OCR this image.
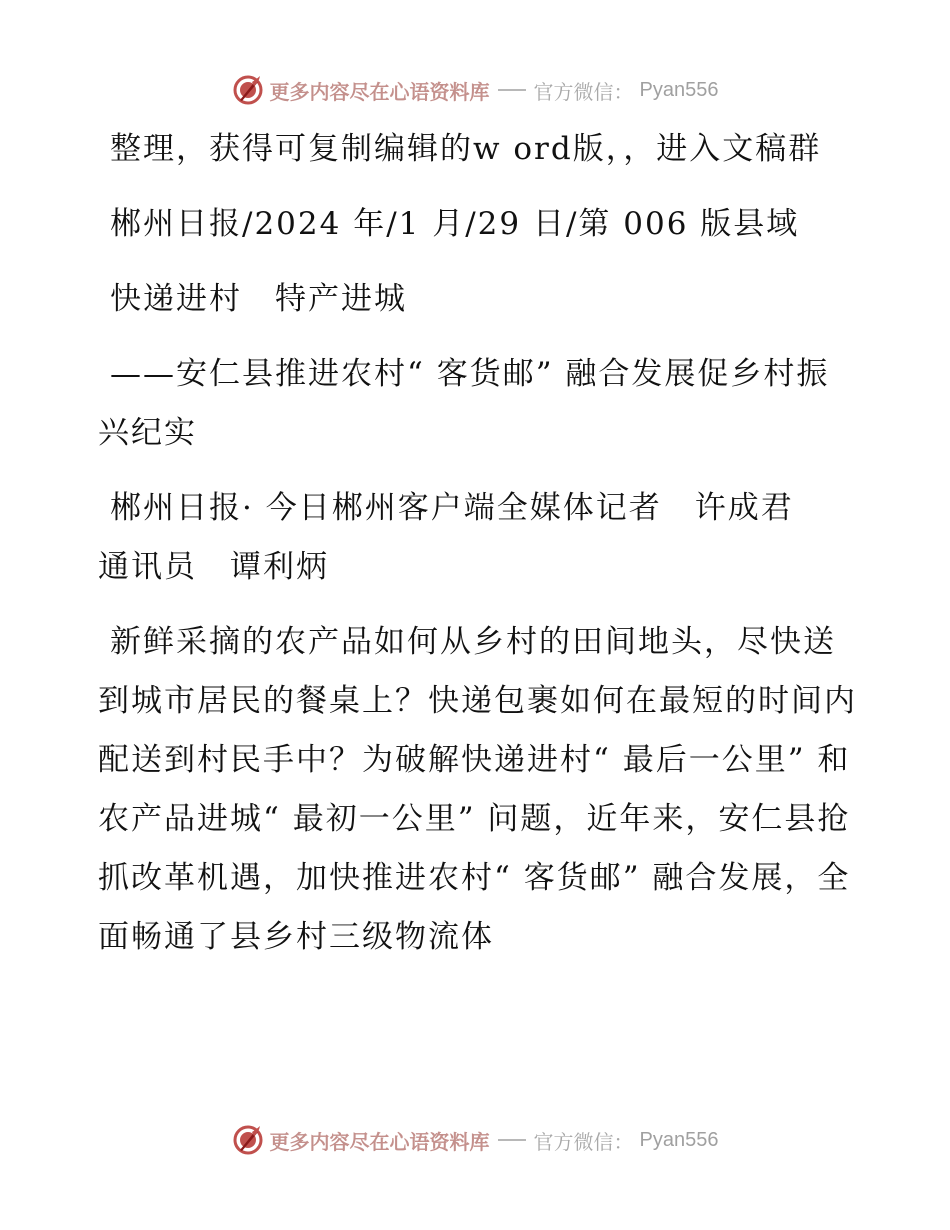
更多内容尽在心语资料库 官方微信： Pyan556

整理，获得可复制编辑的w ord版，，进入文稿群

郴州日报/2024 年/1 月/29 日/第 006 版县域

快递进村　特产进城

——安仁县推进农村“ 客货邮” 融合发展促乡村振兴纪实

郴州日报· 今日郴州客户端全媒体记者　许成君　通讯员　谭利炳

新鲜采摘的农产品如何从乡村的田间地头，尽快送到城市居民的餐桌上？快递包裹如何在最短的时间内配送到村民手中？为破解快递进村“ 最后一公里” 和农产品进城“ 最初一公里” 问题，近年来，安仁县抢抓改革机遇，加快推进农村“ 客货邮” 融合发展，全面畅通了县乡村三级物流体

更多内容尽在心语资料库 官方微信： Pyan556
